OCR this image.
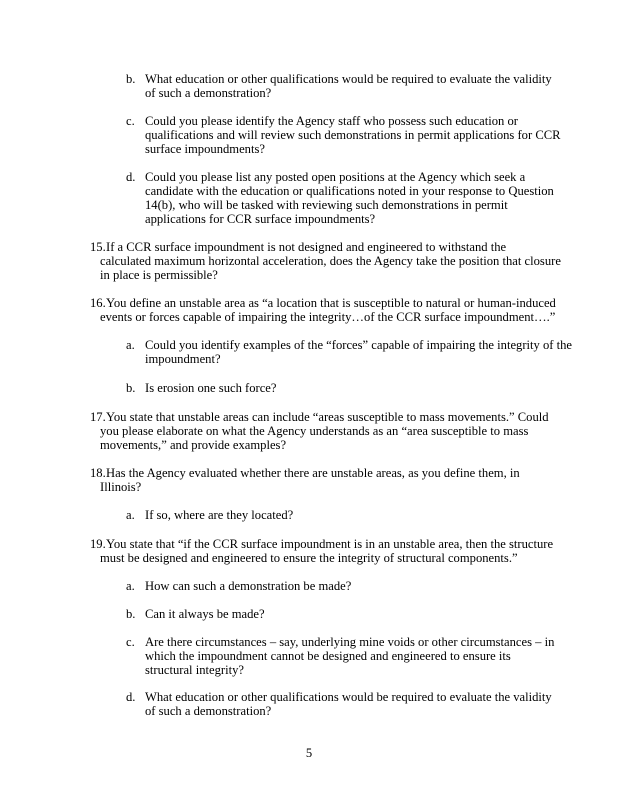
b. What education or other qualifications would be required to evaluate the validity
of such a demonstration?
c. Could you please identify the Agency staff who possess such education or
qualifications and will review such demonstrations in permit applications for CCR
surface impoundments?
d. Could you please list any posted open positions at the Agency which seek a
candidate with the education or qualifications noted in your response to Question
14(b), who will be tasked with reviewing such demonstrations in permit
applications for CCR surface impoundments?
15. If a CCR surface impoundment is not designed and engineered to withstand the
calculated maximum horizontal acceleration, does the Agency take the position that closure
in place is permissible?
16. You define an unstable area as “a location that is susceptible to natural or human-induced
events or forces capable of impairing the integrity…of the CCR surface impoundment….”
a. Could you identify examples of the “forces” capable of impairing the integrity of the
impoundment?
b. Is erosion one such force?
17. You state that unstable areas can include “areas susceptible to mass movements.” Could
you please elaborate on what the Agency understands as an “area susceptible to mass
movements,” and provide examples?
18. Has the Agency evaluated whether there are unstable areas, as you define them, in
Illinois?
a. If so, where are they located?
19. You state that “if the CCR surface impoundment is in an unstable area, then the structure
must be designed and engineered to ensure the integrity of structural components.”
a. How can such a demonstration be made?
b. Can it always be made?
c. Are there circumstances – say, underlying mine voids or other circumstances – in
which the impoundment cannot be designed and engineered to ensure its
structural integrity?
d. What education or other qualifications would be required to evaluate the validity
of such a demonstration?
5
